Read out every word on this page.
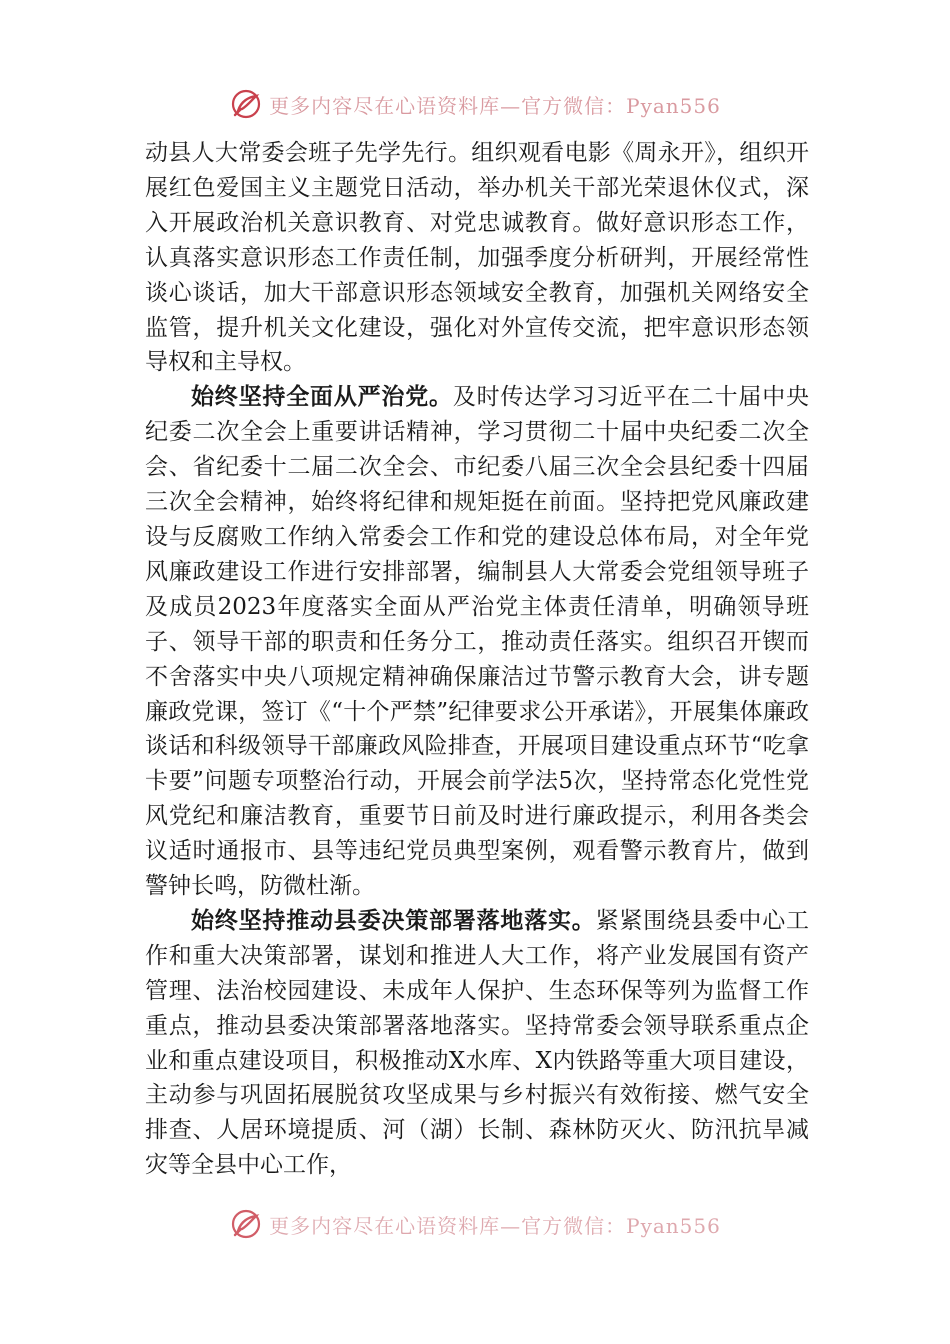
更多内容尽在心语资料库—官方微信：Pyan556

动县人大常委会班子先学先行。组织观看电影《周永开》，组织开展红色爱国主义主题党日活动，举办机关干部光荣退休仪式，深入开展政治机关意识教育、对党忠诚教育。做好意识形态工作，认真落实意识形态工作责任制，加强季度分析研判，开展经常性谈心谈话，加大干部意识形态领域安全教育，加强机关网络安全监管，提升机关文化建设，强化对外宣传交流，把牢意识形态领导权和主导权。

始终坚持全面从严治党。及时传达学习习近平在二十届中央纪委二次全会上重要讲话精神，学习贯彻二十届中央纪委二次全会、省纪委十二届二次全会、市纪委八届三次全会县纪委十四届三次全会精神，始终将纪律和规矩挺在前面。坚持把党风廉政建设与反腐败工作纳入常委会工作和党的建设总体布局，对全年党风廉政建设工作进行安排部署，编制县人大常委会党组领导班子及成员2023年度落实全面从严治党主体责任清单，明确领导班子、领导干部的职责和任务分工，推动责任落实。组织召开锲而不舍落实中央八项规定精神确保廉洁过节警示教育大会，讲专题廉政党课，签订《“十个严禁”纪律要求公开承诺》，开展集体廉政谈话和科级领导干部廉政风险排查，开展项目建设重点环节“吃拿卡要”问题专项整治行动，开展会前学法5次，坚持常态化党性党风党纪和廉洁教育，重要节日前及时进行廉政提示，利用各类会议适时通报市、县等违纪党员典型案例，观看警示教育片，做到警钟长鸣，防微杜渐。

始终坚持推动县委决策部署落地落实。紧紧围绕县委中心工作和重大决策部署，谋划和推进人大工作，将产业发展国有资产管理、法治校园建设、未成年人保护、生态环保等列为监督工作重点，推动县委决策部署落地落实。坚持常委会领导联系重点企业和重点建设项目，积极推动X水库、X内铁路等重大项目建设，主动参与巩固拓展脱贫攻坚成果与乡村振兴有效衔接、燃气安全排查、人居环境提质、河（湖）长制、森林防灭火、防汛抗旱减灾等全县中心工作，

更多内容尽在心语资料库—官方微信：Pyan556
